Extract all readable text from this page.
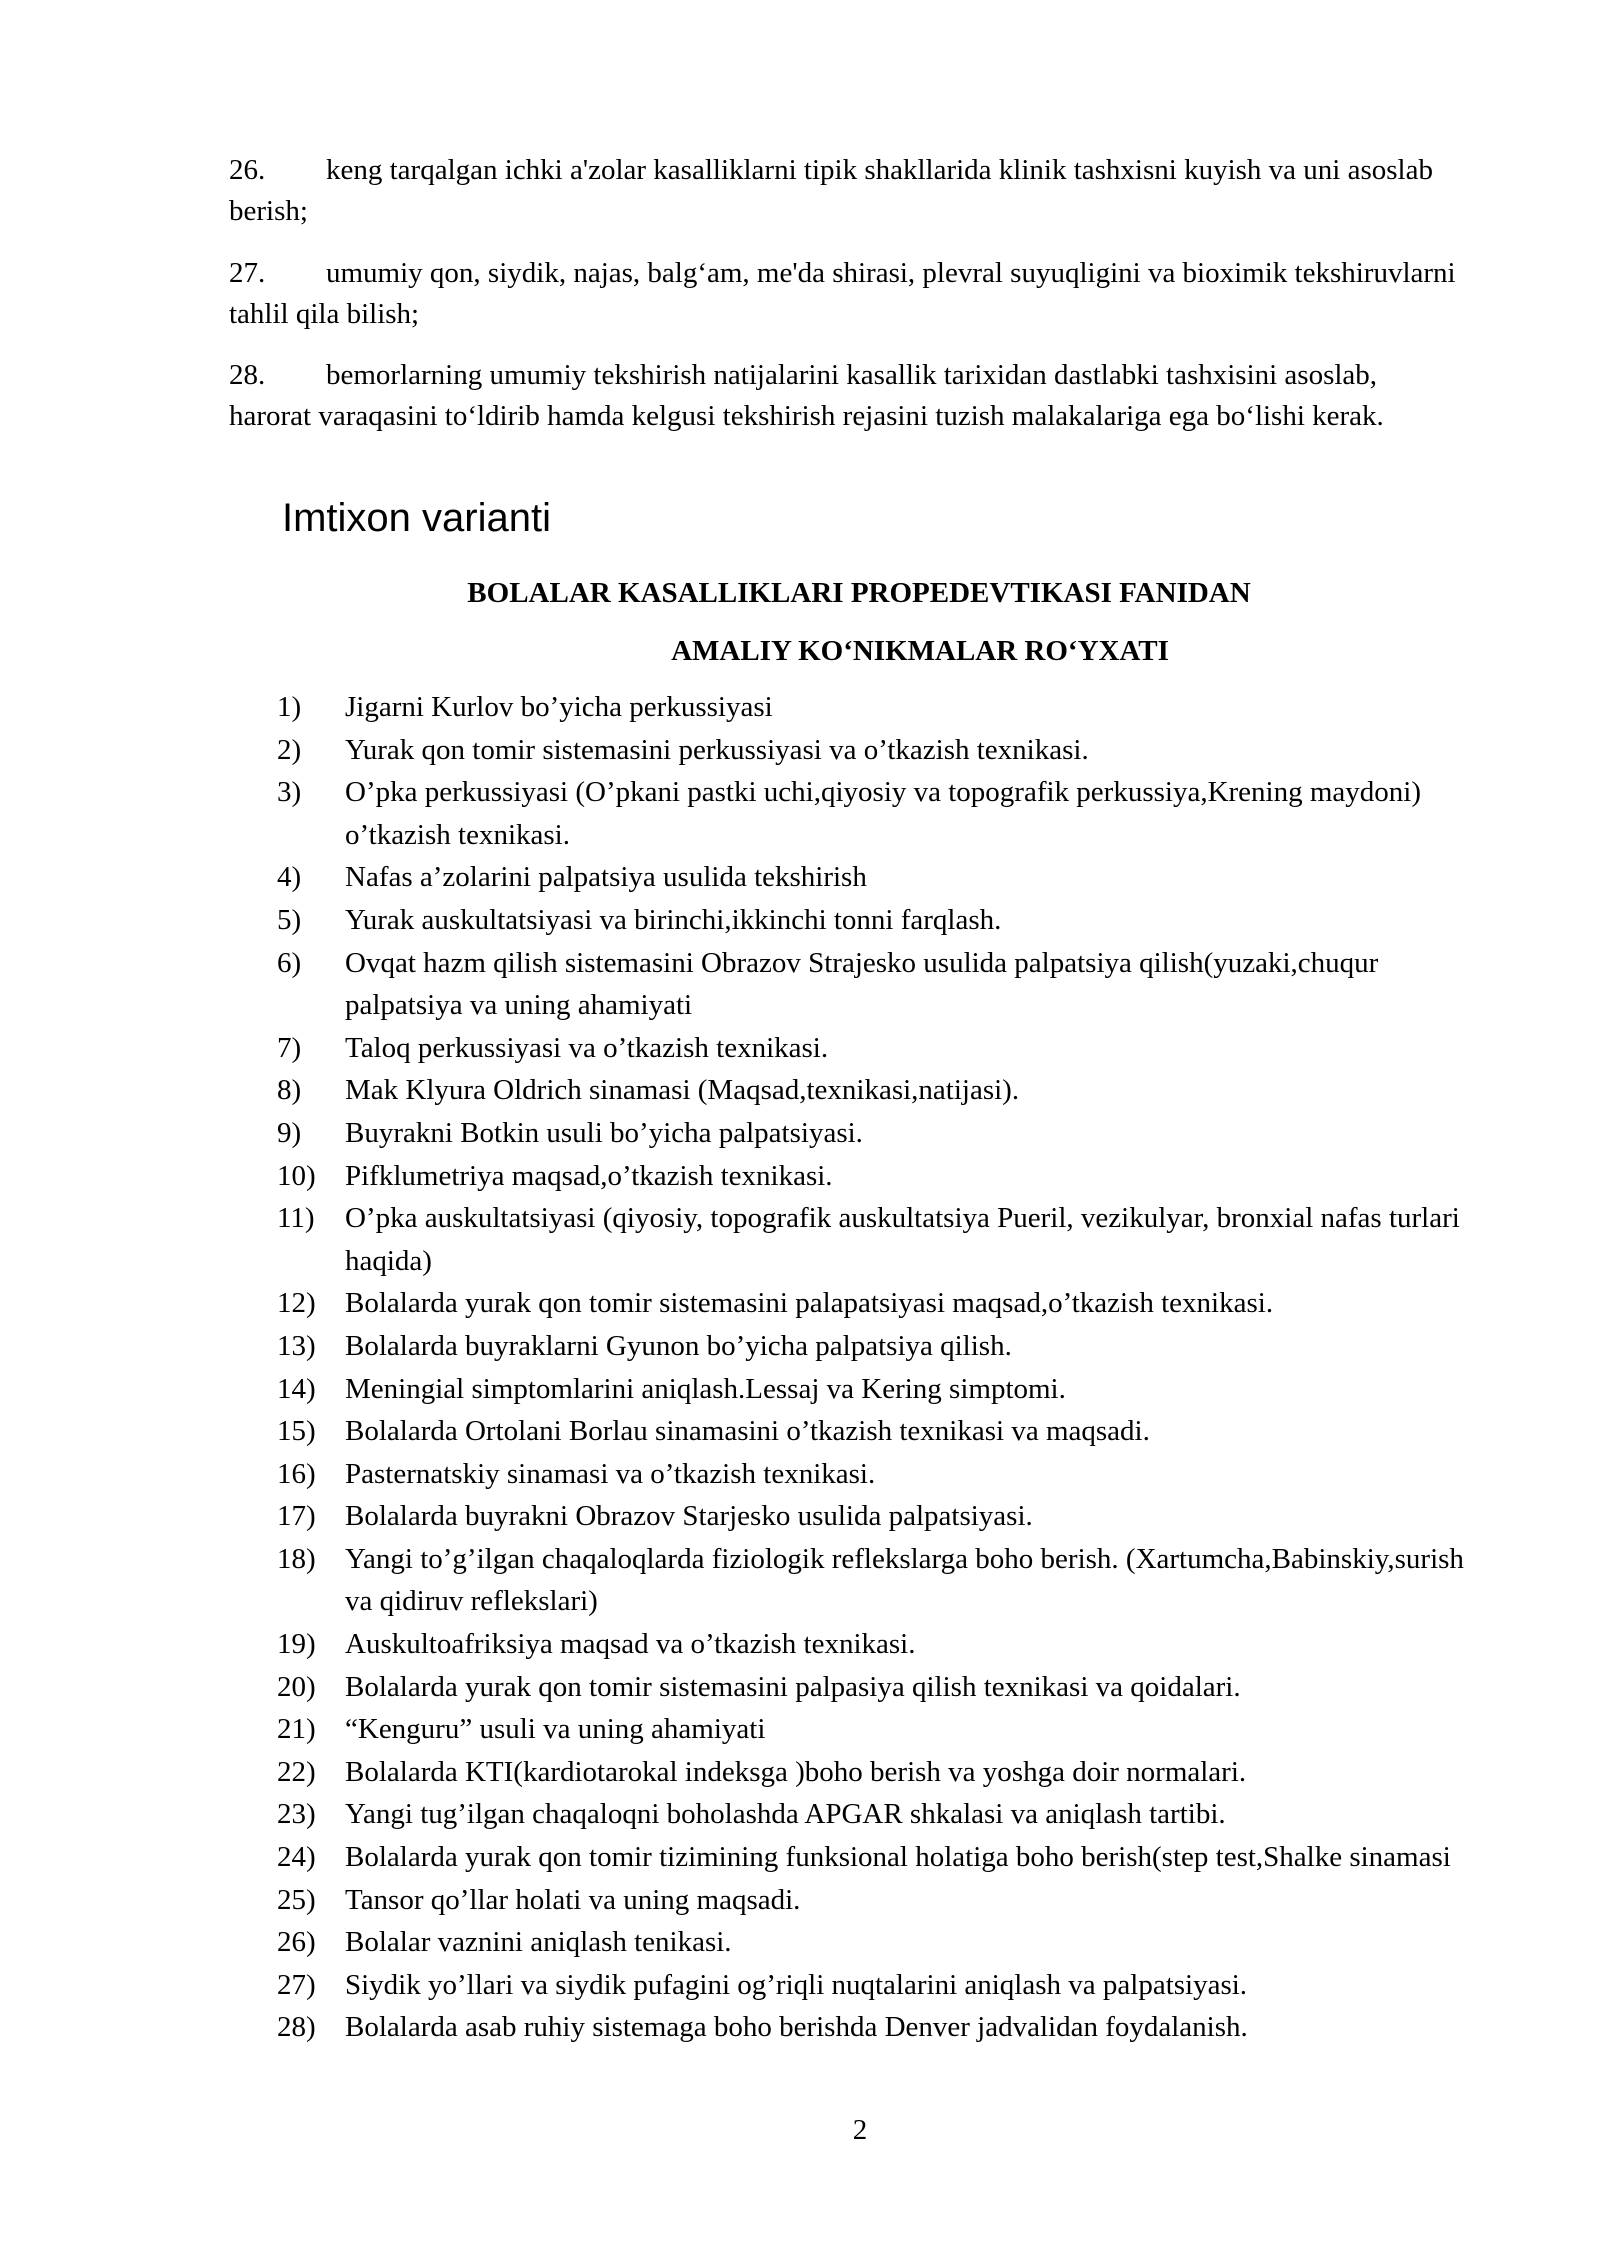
26. keng tarqalgan ichki a'zolar kasalliklarni tipik shakllarida klinik tashxisni kuyish va uni asoslab berish;

27. umumiy qon, siydik, najas, balg‘am, me'da shirasi, plevral suyuqligini va bioximik tekshiruvlarni tahlil qila bilish;

28. bemorlarning umumiy tekshirish natijalarini kasallik tarixidan dastlabki tashxisini asoslab, harorat varaqasini to‘ldirib hamda kelgusi tekshirish rejasini tuzish malakalariga ega bo‘lishi kerak.

Imtixon varianti

BOLALAR KASALLIKLARI PROPEDEVTIKASI FANIDAN

AMALIY KO‘NIKMALAR RO‘YXATI

1) Jigarni Kurlov bo’yicha perkussiyasi
2) Yurak qon tomir sistemasini perkussiyasi va o’tkazish texnikasi.
3) O’pka perkussiyasi (O’pkani pastki uchi,qiyosiy va topografik perkussiya,Krening maydoni) o’tkazish texnikasi.
4) Nafas a’zolarini palpatsiya usulida tekshirish
5) Yurak auskultatsiyasi va birinchi,ikkinchi tonni farqlash.
6) Ovqat hazm qilish sistemasini Obrazov Strajesko usulida palpatsiya qilish(yuzaki,chuqur palpatsiya va uning ahamiyati
7) Taloq perkussiyasi va o’tkazish texnikasi.
8) Mak Klyura Oldrich sinamasi (Maqsad,texnikasi,natijasi).
9) Buyrakni Botkin usuli bo’yicha palpatsiyasi.
10) Pifklumetriya maqsad,o’tkazish texnikasi.
11) O’pka auskultatsiyasi (qiyosiy, topografik auskultatsiya Pueril, vezikulyar, bronxial nafas turlari haqida)
12) Bolalarda yurak qon tomir sistemasini palapatsiyasi maqsad,o’tkazish texnikasi.
13) Bolalarda buyraklarni Gyunon bo’yicha palpatsiya qilish.
14) Meningial simptomlarini aniqlash.Lessaj va Kering simptomi.
15) Bolalarda Ortolani Borlau sinamasini o’tkazish texnikasi va maqsadi.
16) Pasternatskiy sinamasi va o’tkazish texnikasi.
17) Bolalarda buyrakni Obrazov Starjesko usulida palpatsiyasi.
18) Yangi to’g’ilgan chaqaloqlarda fiziologik reflekslarga boho berish. (Xartumcha,Babinskiy,surish va qidiruv reflekslari)
19) Auskultoafriksiya maqsad va o’tkazish texnikasi.
20) Bolalarda yurak qon tomir sistemasini palpasiya qilish texnikasi va qoidalari.
21) “Kenguru” usuli va uning ahamiyati
22) Bolalarda KTI(kardiotarokal indeksga )boho berish va yoshga doir normalari.
23) Yangi tug’ilgan chaqaloqni boholashda APGAR shkalasi va aniqlash tartibi.
24) Bolalarda yurak qon tomir tizimining funksional holatiga boho berish(step test,Shalke sinamasi
25) Tansor qo’llar holati va uning maqsadi.
26) Bolalar vaznini aniqlash tenikasi.
27) Siydik yo’llari va siydik pufagini og’riqli nuqtalarini aniqlash va palpatsiyasi.
28) Bolalarda asab ruhiy sistemaga boho berishda Denver jadvalidan foydalanish.
2
